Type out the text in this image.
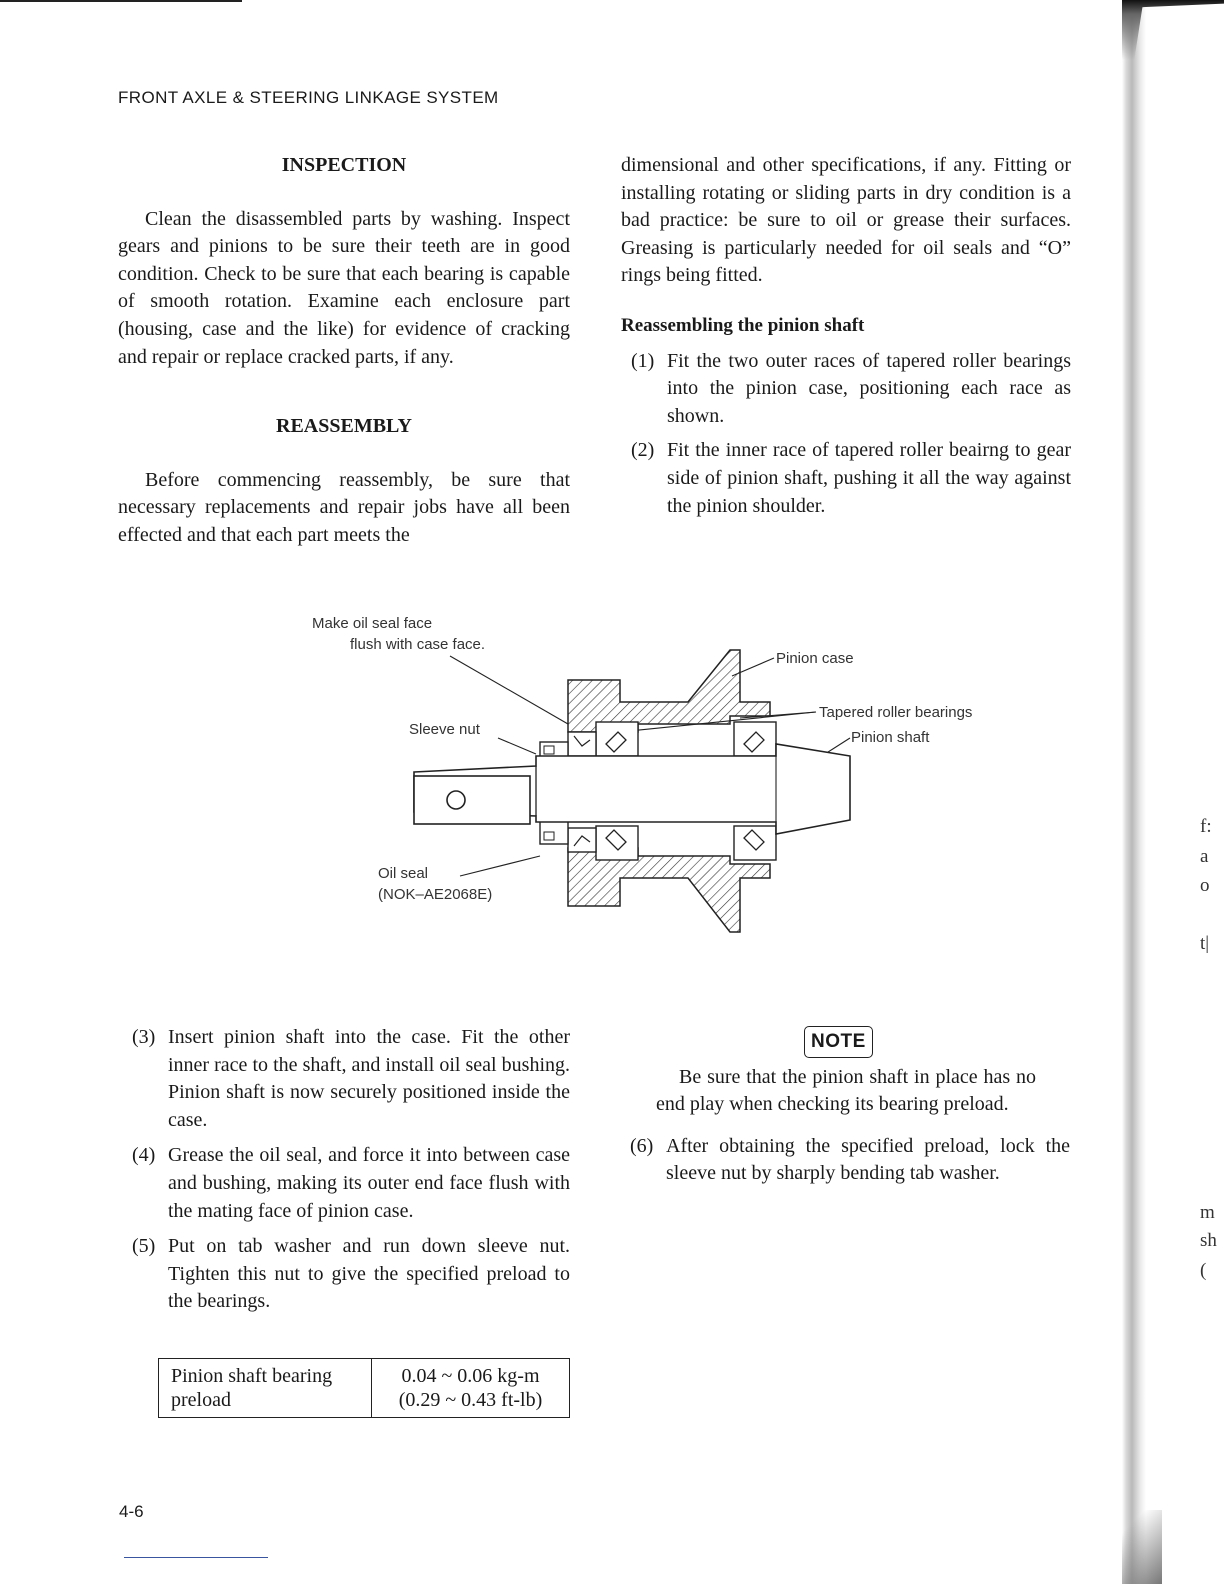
f:
a
o
t|
m
sh
(
FRONT AXLE & STEERING LINKAGE SYSTEM
INSPECTION

Clean the disassembled parts by washing. Inspect gears and pinions to be sure their teeth are in good condition. Check to be sure that each bearing is capable of smooth rotation. Examine each enclosure part (housing, case and the like) for evidence of cracking and repair or replace cracked parts, if any.

REASSEMBLY

Before commencing reassembly, be sure that necessary replacements and repair jobs have all been effected and that each part meets the

dimensional and other specifications, if any. Fitting or installing rotating or sliding parts in dry condition is a bad practice: be sure to oil or grease their surfaces. Greasing is particularly needed for oil seals and “O” rings being fitted.

Reassembling the pinion shaft
(1) Fit the two outer races of tapered roller bearings into the pinion case, positioning each race as shown.
(2) Fit the inner race of tapered roller beairng to gear side of pinion shaft, pushing it all the way against the pinion shoulder.
Make oil seal face
flush with case face.
Pinion case
Tapered roller bearings
Pinion shaft
Sleeve nut
Oil seal
(NOK–AE2068E)
(3) Insert pinion shaft into the case. Fit the other inner race to the shaft, and install oil seal bushing. Pinion shaft is now securely positioned inside the case.
(4) Grease the oil seal, and force it into between case and bushing, making its outer end face flush with the mating face of pinion case.
(5) Put on tab washer and run down sleeve nut. Tighten this nut to give the specified preload to the bearings.
Pinion shaft bearing
preload	0.04 ~ 0.06 kg-m
(0.29 ~ 0.43 ft-lb)
NOTE

Be sure that the pinion shaft in place has no end play when checking its bearing preload.

(6) After obtaining the specified preload, lock the sleeve nut by sharply bending tab washer.
4-6
